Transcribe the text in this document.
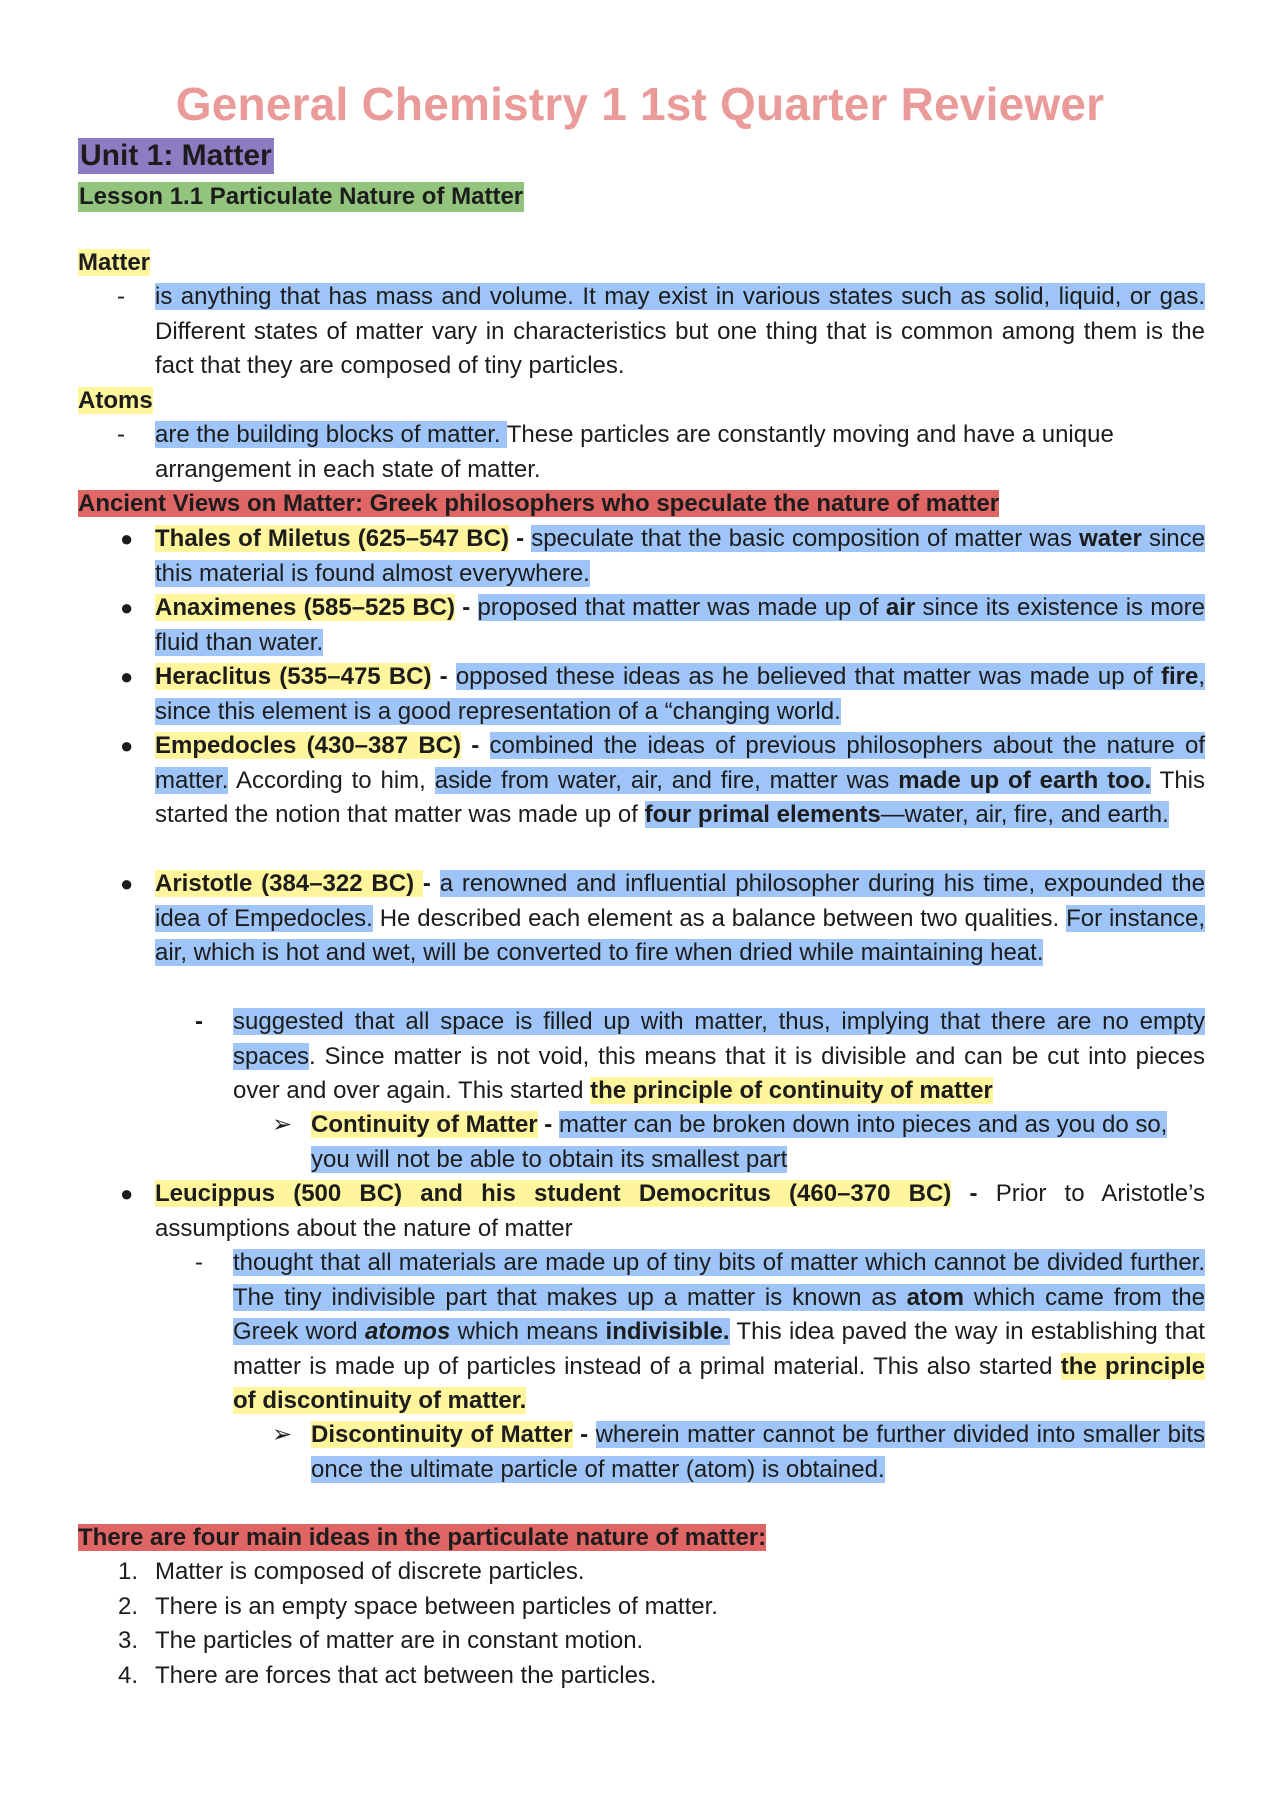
General Chemistry 1 1st Quarter Reviewer
Unit 1: Matter
Lesson 1.1 Particulate Nature of Matter
Matter
- is anything that has mass and volume. It may exist in various states such as solid, liquid, or gas. Different states of matter vary in characteristics but one thing that is common among them is the fact that they are composed of tiny particles.
Atoms
- are the building blocks of matter. These particles are constantly moving and have a unique arrangement in each state of matter.
Ancient Views on Matter: Greek philosophers who speculate the nature of matter
● Thales of Miletus (625–547 BC) - speculate that the basic composition of matter was water since this material is found almost everywhere.
● Anaximenes (585–525 BC) - proposed that matter was made up of air since its existence is more fluid than water.
● Heraclitus (535–475 BC) - opposed these ideas as he believed that matter was made up of fire, since this element is a good representation of a “changing world.
● Empedocles (430–387 BC) - combined the ideas of previous philosophers about the nature of matter. According to him, aside from water, air, and fire, matter was made up of earth too. This started the notion that matter was made up of four primal elements—water, air, fire, and earth.
● Aristotle (384–322 BC) - a renowned and influential philosopher during his time, expounded the idea of Empedocles. He described each element as a balance between two qualities. For instance, air, which is hot and wet, will be converted to fire when dried while maintaining heat.
- suggested that all space is filled up with matter, thus, implying that there are no empty spaces. Since matter is not void, this means that it is divisible and can be cut into pieces over and over again. This started the principle of continuity of matter
➢ Continuity of Matter - matter can be broken down into pieces and as you do so, you will not be able to obtain its smallest part
● Leucippus (500 BC) and his student Democritus (460–370 BC) - Prior to Aristotle’s assumptions about the nature of matter
- thought that all materials are made up of tiny bits of matter which cannot be divided further. The tiny indivisible part that makes up a matter is known as atom which came from the Greek word atomos which means indivisible. This idea paved the way in establishing that matter is made up of particles instead of a primal material. This also started the principle of discontinuity of matter.
➢ Discontinuity of Matter - wherein matter cannot be further divided into smaller bits once the ultimate particle of matter (atom) is obtained.
There are four main ideas in the particulate nature of matter:
1. Matter is composed of discrete particles.
2. There is an empty space between particles of matter.
3. The particles of matter are in constant motion.
4. There are forces that act between the particles.
